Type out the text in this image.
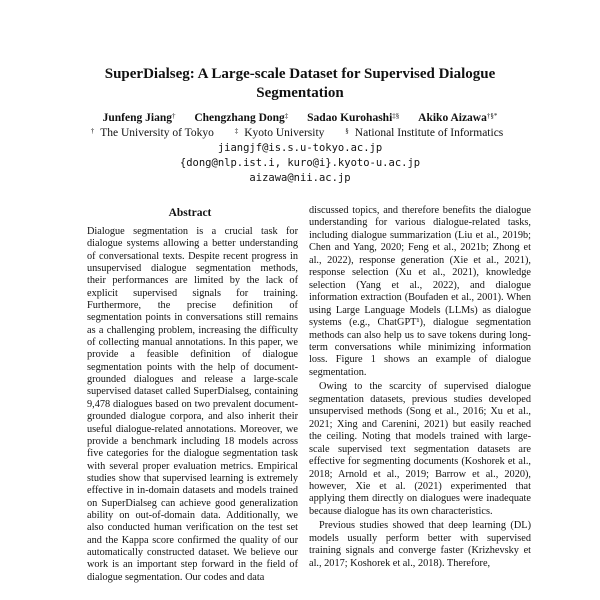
SuperDialseg: A Large-scale Dataset for Supervised Dialogue Segmentation
Junfeng Jiang† Chengzhang Dong‡ Sadao Kurohashi‡§ Akiko Aizawa†§*
† The University of Tokyo	‡ Kyoto University	§ National Institute of Informatics
jiangjf@is.s.u-tokyo.ac.jp
{dong@nlp.ist.i, kuro@i}.kyoto-u.ac.jp
aizawa@nii.ac.jp
Abstract
Dialogue segmentation is a crucial task for dialogue systems allowing a better understanding of conversational texts. Despite recent progress in unsupervised dialogue segmentation methods, their performances are limited by the lack of explicit supervised signals for training. Furthermore, the precise definition of segmentation points in conversations still remains as a challenging problem, increasing the difficulty of collecting manual annotations. In this paper, we provide a feasible definition of dialogue segmentation points with the help of document-grounded dialogues and release a large-scale supervised dataset called SuperDialseg, containing 9,478 dialogues based on two prevalent document-grounded dialogue corpora, and also inherit their useful dialogue-related annotations. Moreover, we provide a benchmark including 18 models across five categories for the dialogue segmentation task with several proper evaluation metrics. Empirical studies show that supervised learning is extremely effective in in-domain datasets and models trained on SuperDialseg can achieve good generalization ability on out-of-domain data. Additionally, we also conducted human verification on the test set and the Kappa score confirmed the quality of our automatically constructed dataset. We believe our work is an important step forward in the field of dialogue segmentation. Our codes and data

discussed topics, and therefore benefits the dialogue understanding for various dialogue-related tasks, including dialogue summarization (Liu et al., 2019b; Chen and Yang, 2020; Feng et al., 2021b; Zhong et al., 2022), response generation (Xie et al., 2021), response selection (Xu et al., 2021), knowledge selection (Yang et al., 2022), and dialogue information extraction (Boufaden et al., 2001). When using Large Language Models (LLMs) as dialogue systems (e.g., ChatGPT¹), dialogue segmentation methods can also help us to save tokens during long-term conversations while minimizing information loss. Figure 1 shows an example of dialogue segmentation.

Owing to the scarcity of supervised dialogue segmentation datasets, previous studies developed unsupervised methods (Song et al., 2016; Xu et al., 2021; Xing and Carenini, 2021) but easily reached the ceiling. Noting that models trained with large-scale supervised text segmentation datasets are effective for segmenting documents (Koshorek et al., 2018; Arnold et al., 2019; Barrow et al., 2020), however, Xie et al. (2021) experimented that applying them directly on dialogues were inadequate because dialogue has its own characteristics.

Previous studies showed that deep learning (DL) models usually perform better with supervised training signals and converge faster (Krizhevsky et al., 2017; Koshorek et al., 2018). Therefore,
